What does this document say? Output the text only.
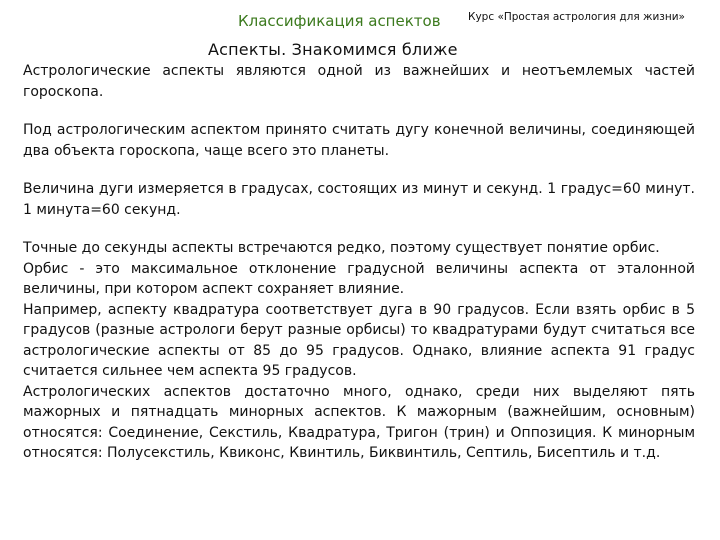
Курс «Простая астрология для жизни»
Классификация аспектов
Аспекты. Знакомимся ближе

Астрологические аспекты являются одной из важнейших и неотъемлемых частей гороскопа.

Под астрологическим аспектом принято считать дугу конечной величины, соединяющей два объекта гороскопа, чаще всего это планеты.

Величина дуги измеряется в градусах, состоящих из минут и секунд. 1 градус=60 минут. 1 минута=60 секунд.

Точные до секунды аспекты встречаются редко, поэтому существует понятие орбис.

Орбис - это максимальное отклонение градусной величины аспекта от эталонной величины, при котором аспект сохраняет влияние.

Например, аспекту квадратура соответствует дуга в 90 градусов. Если взять орбис в 5 градусов (разные астрологи берут разные орбисы) то квадратурами будут считаться все астрологические аспекты от 85 до 95 градусов. Однако, влияние аспекта 91 градус считается сильнее чем аспекта 95 градусов.

Астрологических аспектов достаточно много, однако, среди них выделяют пять мажорных и пятнадцать минорных аспектов. К мажорным (важнейшим, основным) относятся: Соединение, Секстиль, Квадратура, Тригон (трин) и Оппозиция. К минорным относятся: Полусекстиль, Квиконс, Квинтиль, Биквинтиль, Септиль, Бисептиль и т.д.
